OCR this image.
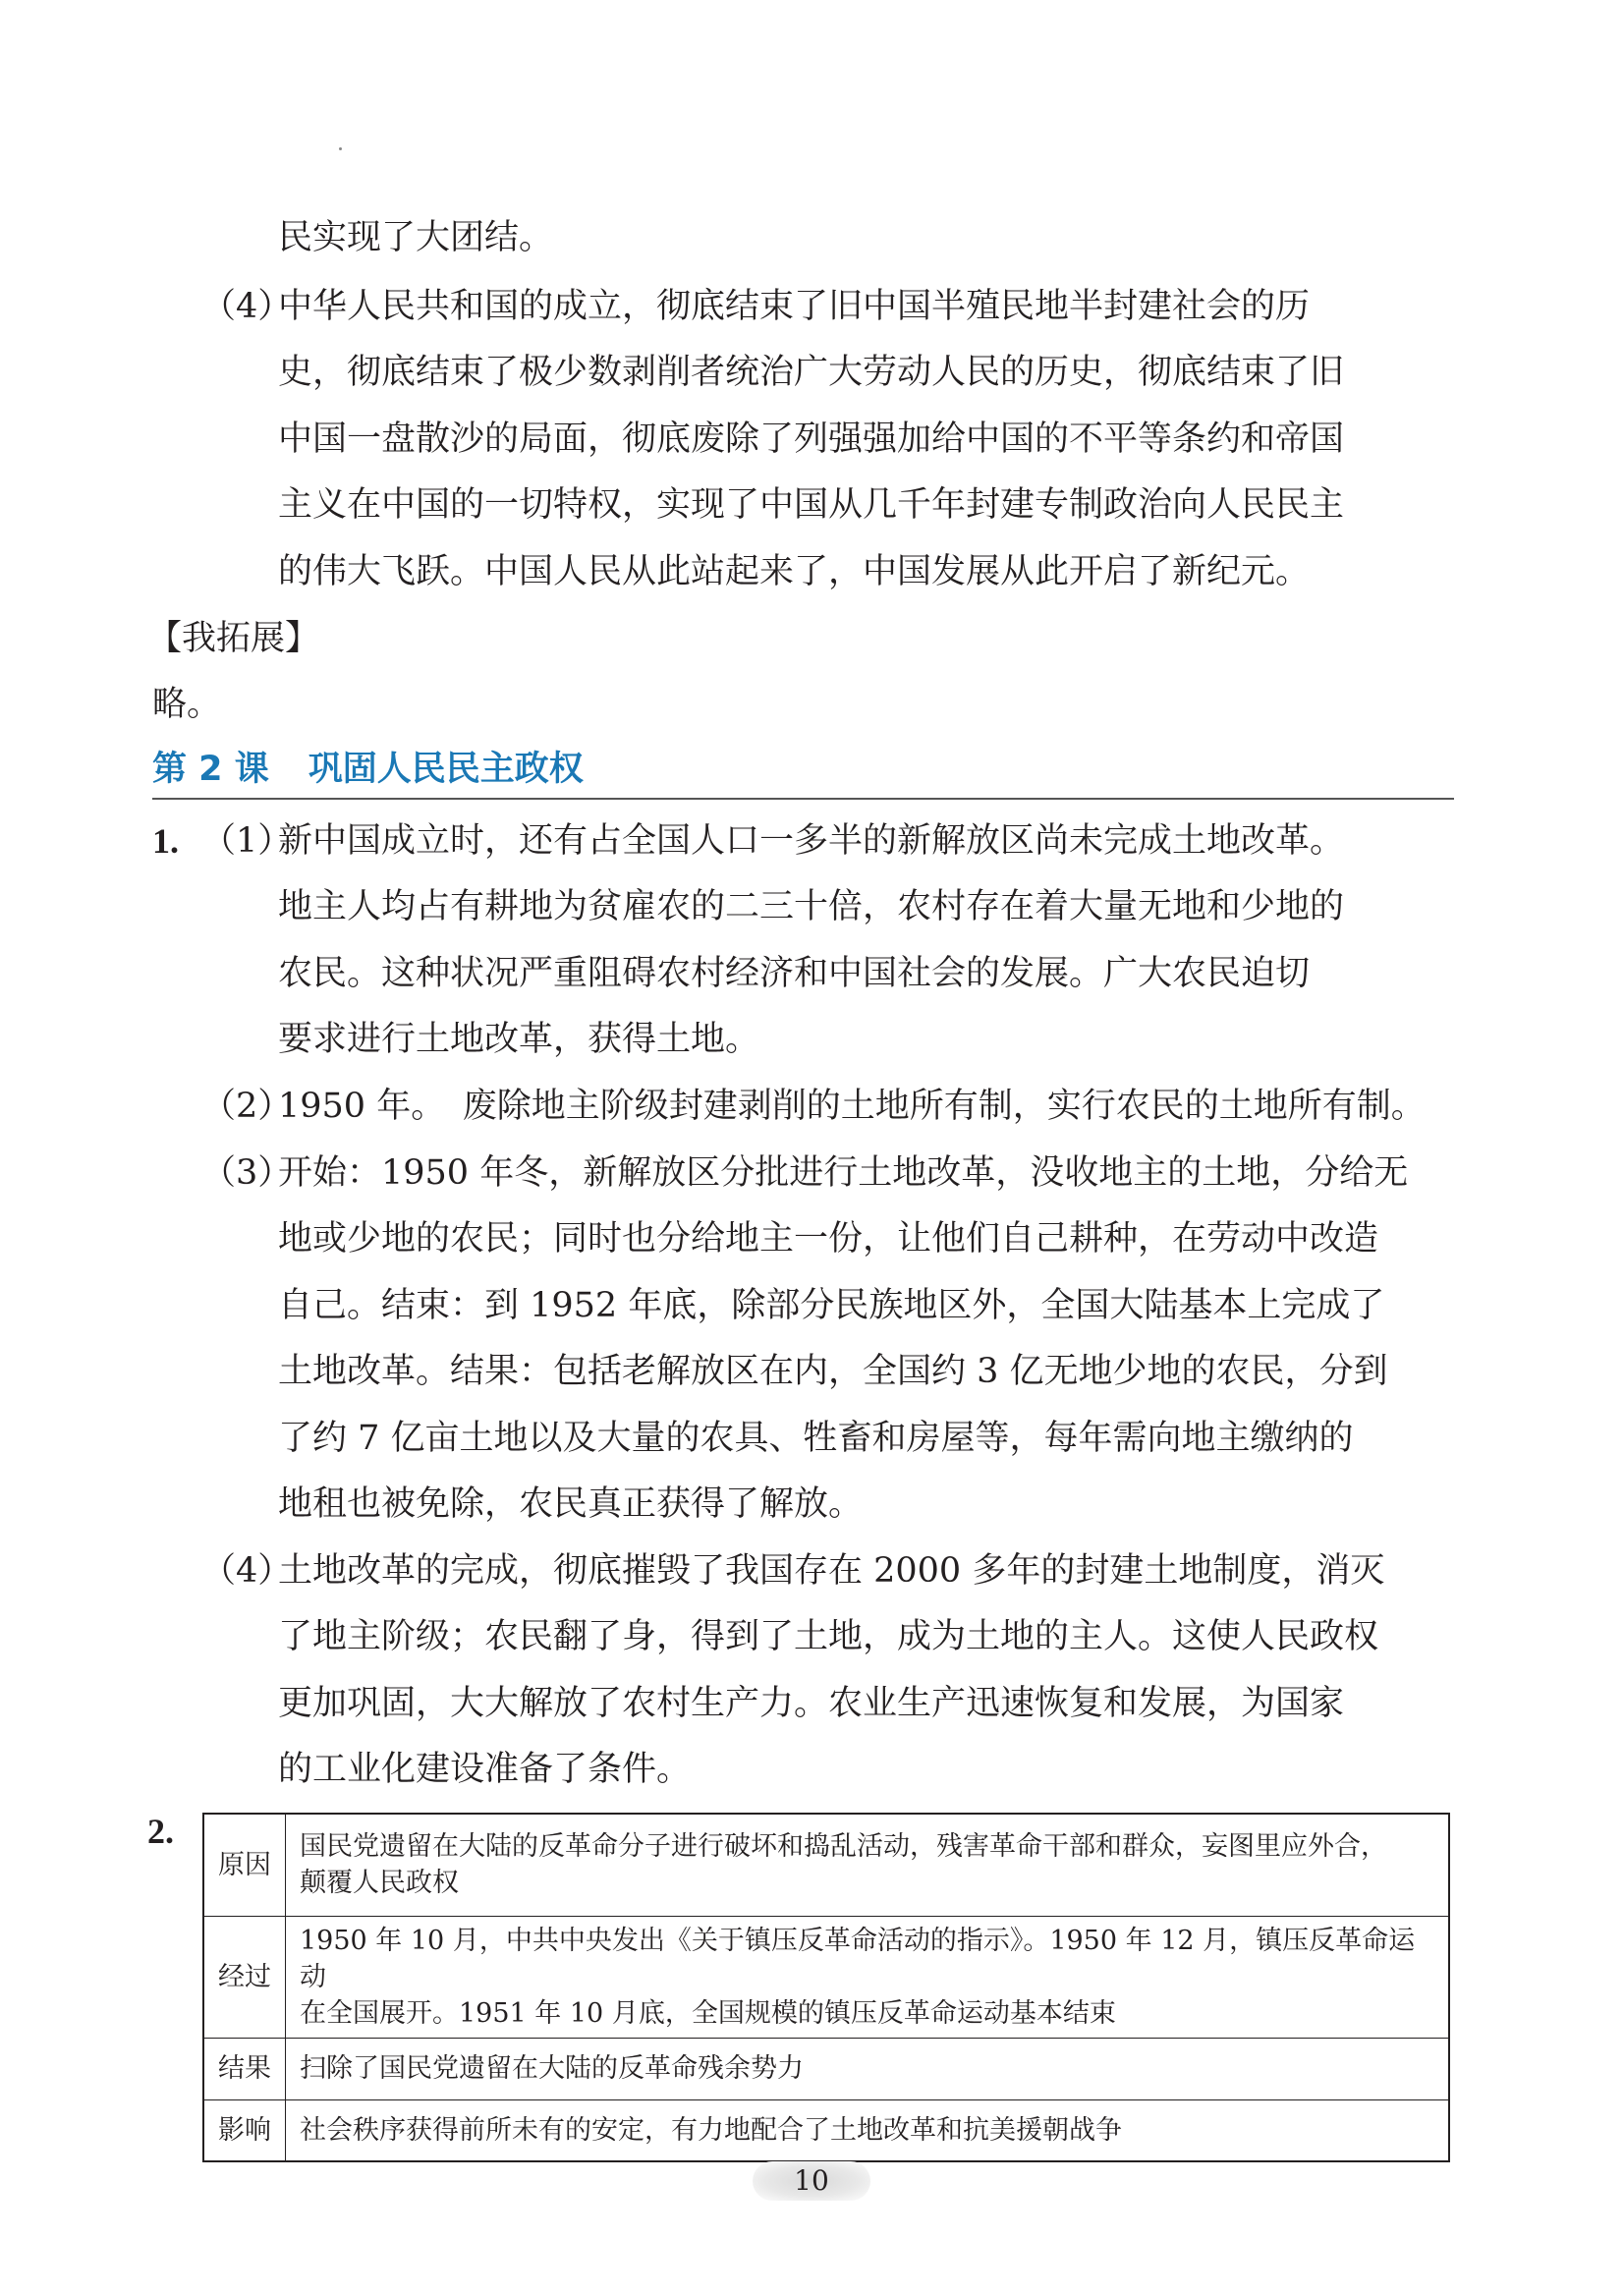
民实现了大团结。
（4）
中华人民共和国的成立，彻底结束了旧中国半殖民地半封建社会的历
史，彻底结束了极少数剥削者统治广大劳动人民的历史，彻底结束了旧
中国一盘散沙的局面，彻底废除了列强强加给中国的不平等条约和帝国
主义在中国的一切特权，实现了中国从几千年封建专制政治向人民民主
的伟大飞跃。中国人民从此站起来了，中国发展从此开启了新纪元。
【我拓展】
略。
第 2 课 巩固人民民主政权
1. （1）
新中国成立时，还有占全国人口一多半的新解放区尚未完成土地改革。
地主人均占有耕地为贫雇农的二三十倍，农村存在着大量无地和少地的
农民。这种状况严重阻碍农村经济和中国社会的发展。广大农民迫切
要求进行土地改革，获得土地。
（2）
1950 年。　废除地主阶级封建剥削的土地所有制，实行农民的土地所有制。
（3）
开始：1950 年冬，新解放区分批进行土地改革，没收地主的土地，分给无
地或少地的农民；同时也分给地主一份，让他们自己耕种，在劳动中改造
自己。结束：到 1952 年底，除部分民族地区外，全国大陆基本上完成了
土地改革。结果：包括老解放区在内，全国约 3 亿无地少地的农民，分到
了约 7 亿亩土地以及大量的农具、牲畜和房屋等，每年需向地主缴纳的
地租也被免除，农民真正获得了解放。
（4）
土地改革的完成，彻底摧毁了我国存在 2000 多年的封建土地制度，消灭
了地主阶级；农民翻了身，得到了土地，成为土地的主人。这使人民政权
更加巩固，大大解放了农村生产力。农业生产迅速恢复和发展，为国家
的工业化建设准备了条件。
2.
原因	国民党遗留在大陆的反革命分子进行破坏和捣乱活动，残害革命干部和群众，妄图里应外合，
颠覆人民政权

经过	1950 年 10 月，中共中央发出《关于镇压反革命活动的指示》。1950 年 12 月，镇压反革命运动
在全国展开。1951 年 10 月底，全国规模的镇压反革命运动基本结束

结果	扫除了国民党遗留在大陆的反革命残余势力

影响	社会秩序获得前所未有的安定，有力地配合了土地改革和抗美援朝战争
10
